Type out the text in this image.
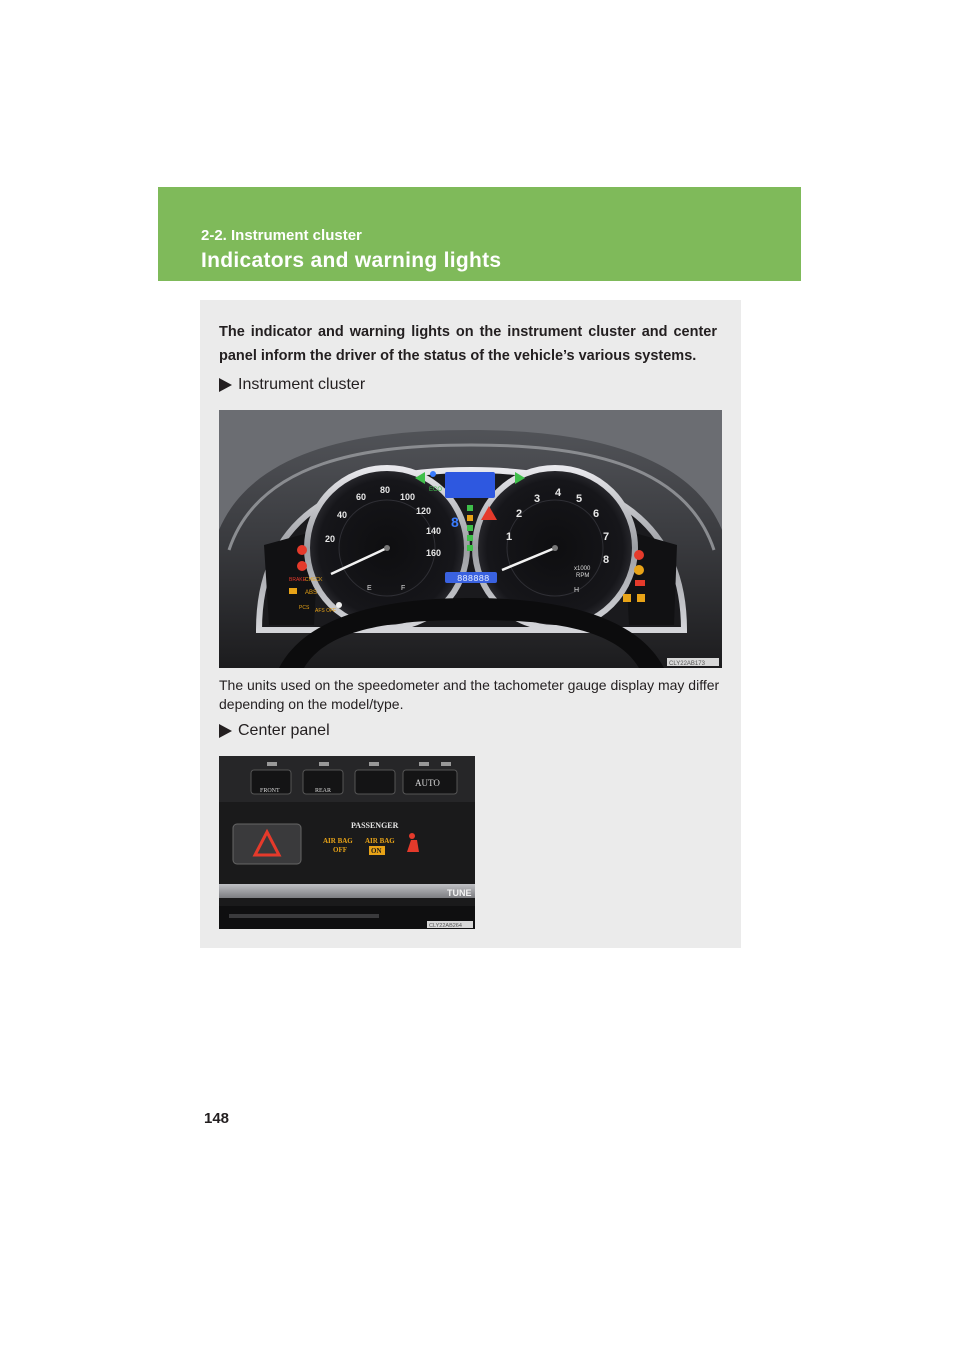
2-2. Instrument cluster
Indicators and warning lights
The indicator and warning lights on the instrument cluster and center panel inform the driver of the status of the vehicle’s various systems.
Instrument cluster
20
40
60
80
100
120
140
160
E	F
1
2
3 4 5
6
7
8
x1000
RPM
H
8
888888
ECO
BRAKE CHECK
ABS
PCS AFS OFF
CLY22AB173
The units used on the speedometer and the tachometer gauge display may differ depending on the model/type.
Center panel
FRONT	REAR
AUTO
PASSENGER
AIR BAG
OFF
AIR BAG
ON
TUNE
CLY22AB264
148
